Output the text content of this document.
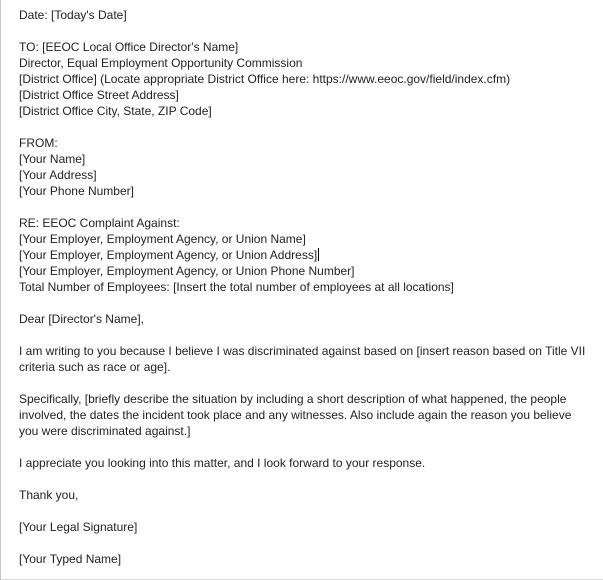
Date: [Today's Date]
TO: [EEOC Local Office Director's Name]
Director, Equal Employment Opportunity Commission
[District Office] (Locate appropriate District Office here: https://www.eeoc.gov/field/index.cfm)
[District Office Street Address]
[District Office City, State, ZIP Code]
FROM:
[Your Name]
[Your Address]
[Your Phone Number]
RE: EEOC Complaint Against:
[Your Employer, Employment Agency, or Union Name]
[Your Employer, Employment Agency, or Union Address]
[Your Employer, Employment Agency, or Union Phone Number]
Total Number of Employees: [Insert the total number of employees at all locations]
Dear [Director's Name],
I am writing to you because I believe I was discriminated against based on [insert reason based on Title VII criteria such as race or age].
Specifically, [briefly describe the situation by including a short description of what happened, the people involved, the dates the incident took place and any witnesses. Also include again the reason you believe you were discriminated against.]
I appreciate you looking into this matter, and I look forward to your response.
Thank you,
[Your Legal Signature]
[Your Typed Name]
